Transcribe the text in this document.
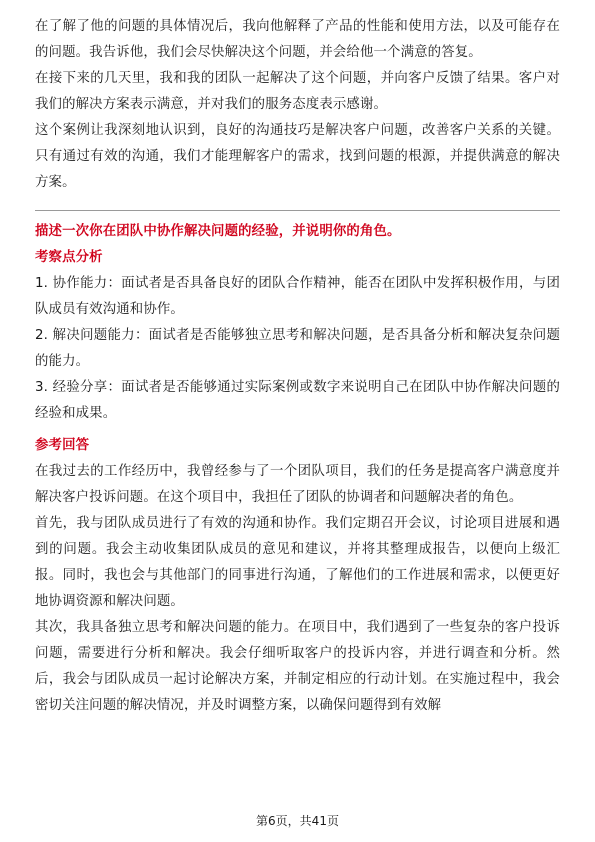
在了解了他的问题的具体情况后，我向他解释了产品的性能和使用方法，以及可能存在的问题。我告诉他，我们会尽快解决这个问题，并会给他一个满意的答复。

在接下来的几天里，我和我的团队一起解决了这个问题，并向客户反馈了结果。客户对我们的解决方案表示满意，并对我们的服务态度表示感谢。

这个案例让我深刻地认识到，良好的沟通技巧是解决客户问题，改善客户关系的关键。只有通过有效的沟通，我们才能理解客户的需求，找到问题的根源，并提供满意的解决方案。

描述一次你在团队中协作解决问题的经验，并说明你的角色。

考察点分析

1. 协作能力：面试者是否具备良好的团队合作精神，能否在团队中发挥积极作用，与团队成员有效沟通和协作。

2. 解决问题能力：面试者是否能够独立思考和解决问题，是否具备分析和解决复杂问题的能力。

3. 经验分享：面试者是否能够通过实际案例或数字来说明自己在团队中协作解决问题的经验和成果。

参考回答

在我过去的工作经历中，我曾经参与了一个团队项目，我们的任务是提高客户满意度并解决客户投诉问题。在这个项目中，我担任了团队的协调者和问题解决者的角色。

首先，我与团队成员进行了有效的沟通和协作。我们定期召开会议，讨论项目进展和遇到的问题。我会主动收集团队成员的意见和建议，并将其整理成报告，以便向上级汇报。同时，我也会与其他部门的同事进行沟通，了解他们的工作进展和需求，以便更好地协调资源和解决问题。

其次，我具备独立思考和解决问题的能力。在项目中，我们遇到了一些复杂的客户投诉问题，需要进行分析和解决。我会仔细听取客户的投诉内容，并进行调查和分析。然后，我会与团队成员一起讨论解决方案，并制定相应的行动计划。在实施过程中，我会密切关注问题的解决情况，并及时调整方案，以确保问题得到有效解

第6页，共41页
